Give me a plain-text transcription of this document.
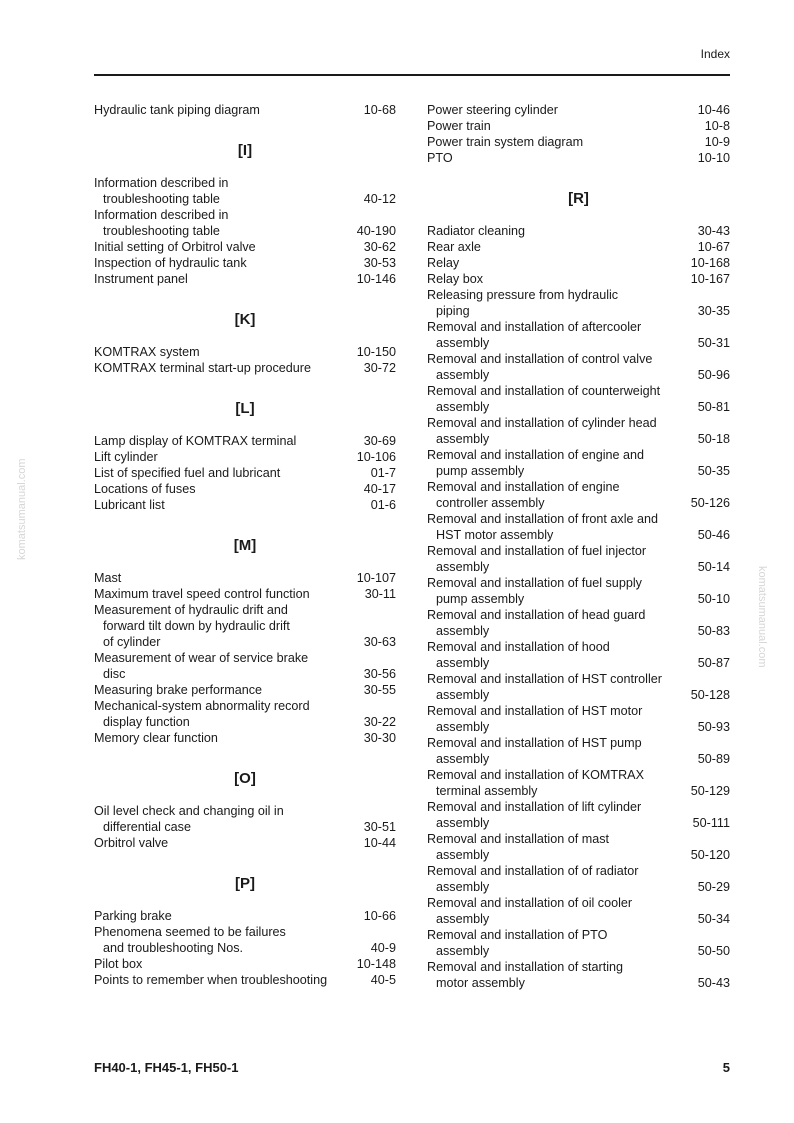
Index
Hydraulic tank piping diagram	10-68
[I]
Information described in
troubleshooting table	40-12
Information described in
troubleshooting table	40-190
Initial setting of Orbitrol valve	30-62
Inspection of hydraulic tank	30-53
Instrument panel	10-146
[K]
KOMTRAX system	10-150
KOMTRAX terminal start-up procedure	30-72
[L]
Lamp display of KOMTRAX terminal	30-69
Lift cylinder	10-106
List of specified fuel and lubricant	01-7
Locations of fuses	40-17
Lubricant list	01-6
[M]
Mast	10-107
Maximum travel speed control function	30-11
Measurement of hydraulic drift and
forward tilt down by hydraulic drift
of cylinder	30-63
Measurement of wear of service brake
disc	30-56
Measuring brake performance	30-55
Mechanical-system abnormality record
display function	30-22
Memory clear function	30-30
[O]
Oil level check and changing oil in
differential case	30-51
Orbitrol valve	10-44
[P]
Parking brake	10-66
Phenomena seemed to be failures
and troubleshooting Nos.	40-9
Pilot box	10-148
Points to remember when troubleshooting	40-5
Power steering cylinder	10-46
Power train	10-8
Power train system diagram	10-9
PTO	10-10
[R]
Radiator cleaning	30-43
Rear axle	10-67
Relay	10-168
Relay box	10-167
Releasing pressure from hydraulic
piping	30-35
Removal and installation of aftercooler
assembly	50-31
Removal and installation of control valve
assembly	50-96
Removal and installation of counterweight
assembly	50-81
Removal and installation of cylinder head
assembly	50-18
Removal and installation of engine and
pump assembly	50-35
Removal and installation of engine
controller assembly	50-126
Removal and installation of front axle and
HST motor assembly	50-46
Removal and installation of fuel injector
assembly	50-14
Removal and installation of fuel supply
pump assembly	50-10
Removal and installation of head guard
assembly	50-83
Removal and installation of hood
assembly	50-87
Removal and installation of HST controller
assembly	50-128
Removal and installation of HST motor
assembly	50-93
Removal and installation of HST pump
assembly	50-89
Removal and installation of KOMTRAX
terminal assembly	50-129
Removal and installation of lift cylinder
assembly	50-111
Removal and installation of mast
assembly	50-120
Removal and installation of of radiator
assembly	50-29
Removal and installation of oil cooler
assembly	50-34
Removal and installation of PTO
assembly	50-50
Removal and installation of starting
motor assembly	50-43
FH40-1, FH45-1, FH50-1	5
komatsumanual.com
komatsumanual.com
